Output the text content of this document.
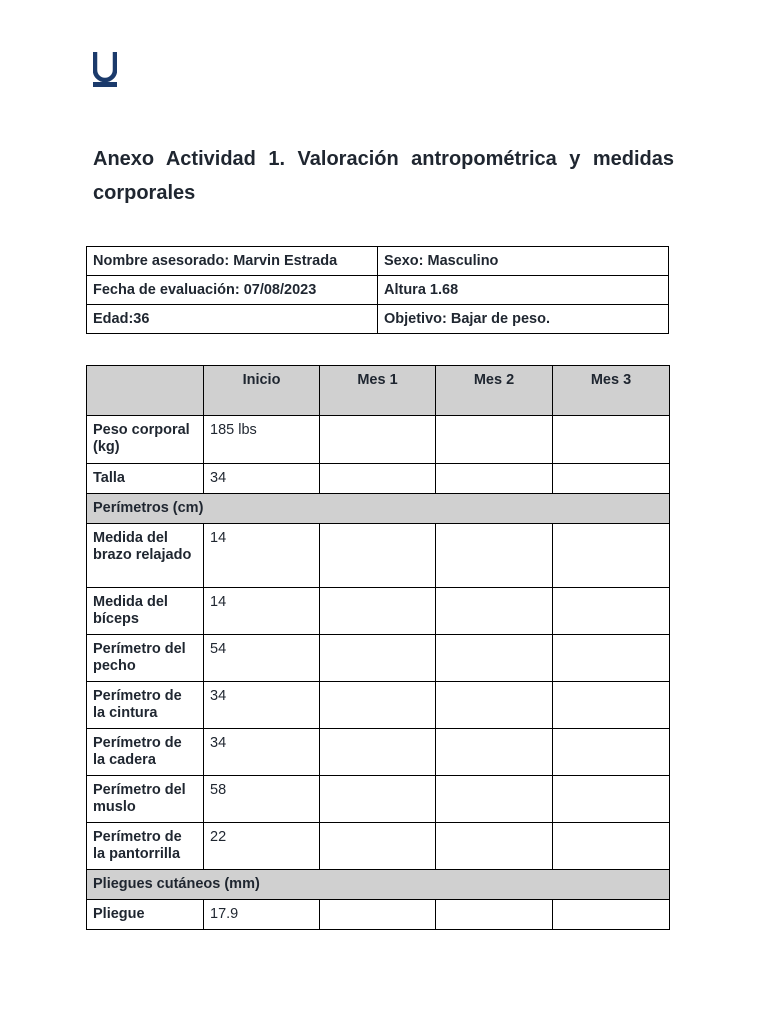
Anexo Actividad 1. Valoración antropométrica y medidas corporales
Nombre asesorado: Marvin Estrada	Sexo: Masculino
Fecha de evaluación: 07/08/2023	Altura 1.68
Edad:36	Objetivo: Bajar de peso.
	Inicio	Mes 1	Mes 2	Mes 3
Peso corporal (kg)	185 lbs			
Talla	34			
Perímetros (cm)				
Medida del brazo relajado	14			
Medida del bíceps	14			
Perímetro del pecho	54			
Perímetro de la cintura	34			
Perímetro de la cadera	34			
Perímetro del muslo	58			
Perímetro de la pantorrilla	22			
Pliegues cutáneos (mm)				
Pliegue	17.9			
